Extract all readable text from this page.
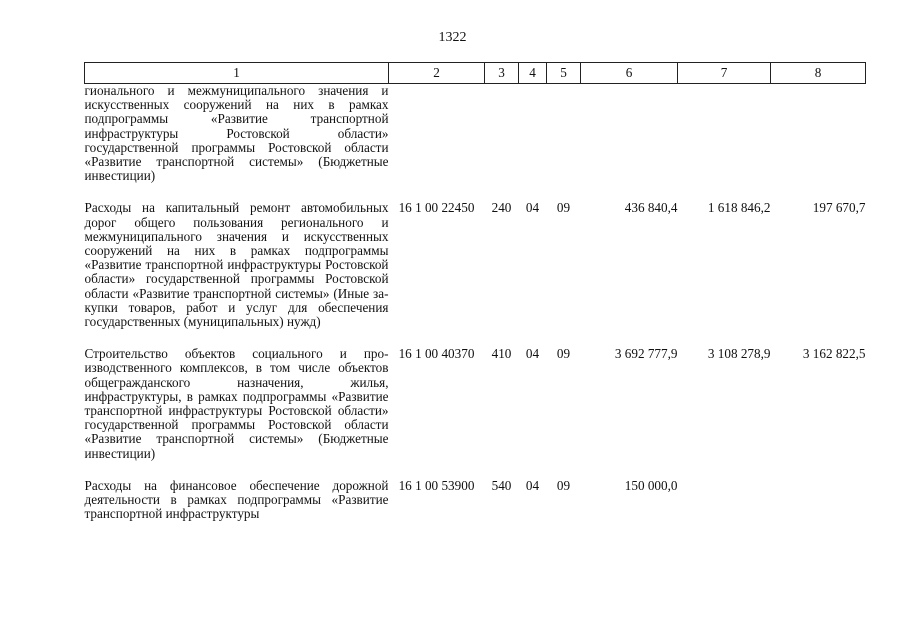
1322
1	2	3	4	5	6	7	8
гионального и межмуниципального значения и искусственных сооружений на них в рамках подпрограммы «Развитие транспортной инфраструктуры Ростовской области» государственной программы Ростовской области «Развитие транспортной системы» (Бюджетные инвестиции)							

Расходы на капитальный ремонт автомобильных дорог общего пользования регионального и межмуниципального значения и искусственных сооружений на них в рамках подпрограммы «Развитие транспортной инфраструктуры Ростовской области» государственной программы Ростовской области «Развитие транспортной системы» (Иные закупки товаров, работ и услуг для обеспечения государственных (муниципальных) нужд)	16 1 00 22450	240	04	09	436 840,4	1 618 846,2	197 670,7

Строительство объектов социального и производственного комплексов, в том числе объектов общегражданского назначения, жилья, инфраструктуры, в рамках подпрограммы «Развитие транспортной инфраструктуры Ростовской области» государственной программы Ростовской области «Развитие транспортной системы» (Бюджетные инвестиции)	16 1 00 40370	410	04	09	3 692 777,9	3 108 278,9	3 162 822,5

Расходы на финансовое обеспечение дорожной деятельности в рамках подпрограммы «Развитие транспортной инфраструктуры	16 1 00 53900	540	04	09	150 000,0		
